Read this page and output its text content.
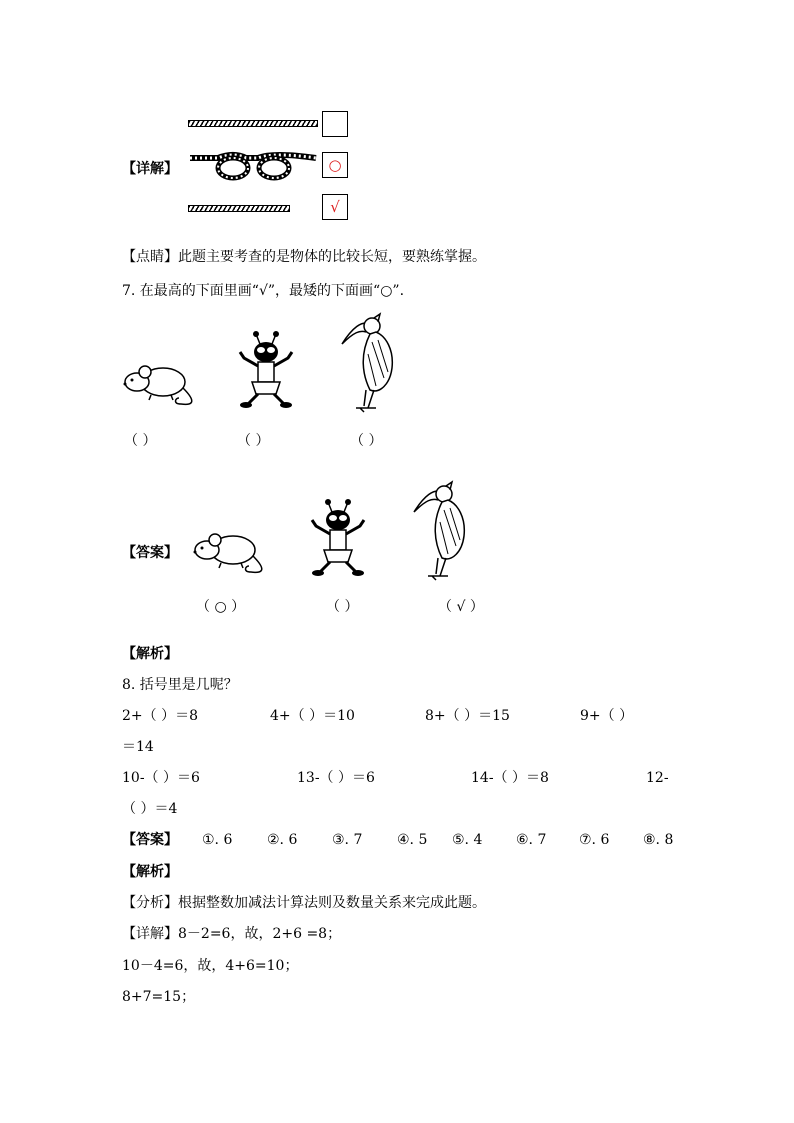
【详解】	○
√
【点睛】此题主要考查的是物体的比较长短，要熟练掌握。
7. 在最高的下面里画“√”，最矮的下面画“○”.
（ ）	（ ）	（ ）
【答案】
（ ○ ）	（ ）	（ √ ）
【解析】
8. 括号里是几呢？
2+（ ）＝8	4+（ ）＝10	8+（ ）＝15	9+（ ）
＝14
10-（ ）＝6	13-（ ）＝6	14-（ ）＝8	12-
（ ）＝4
【答案】 ①. 6 ②. 6 ③. 7 ④. 5 ⑤. 4 ⑥. 7 ⑦. 6 ⑧. 8
【解析】
【分析】根据整数加减法计算法则及数量关系来完成此题。
【详解】8－2=6，故，2+6 =8；
10－4=6，故，4+6=10；
8+7=15；
